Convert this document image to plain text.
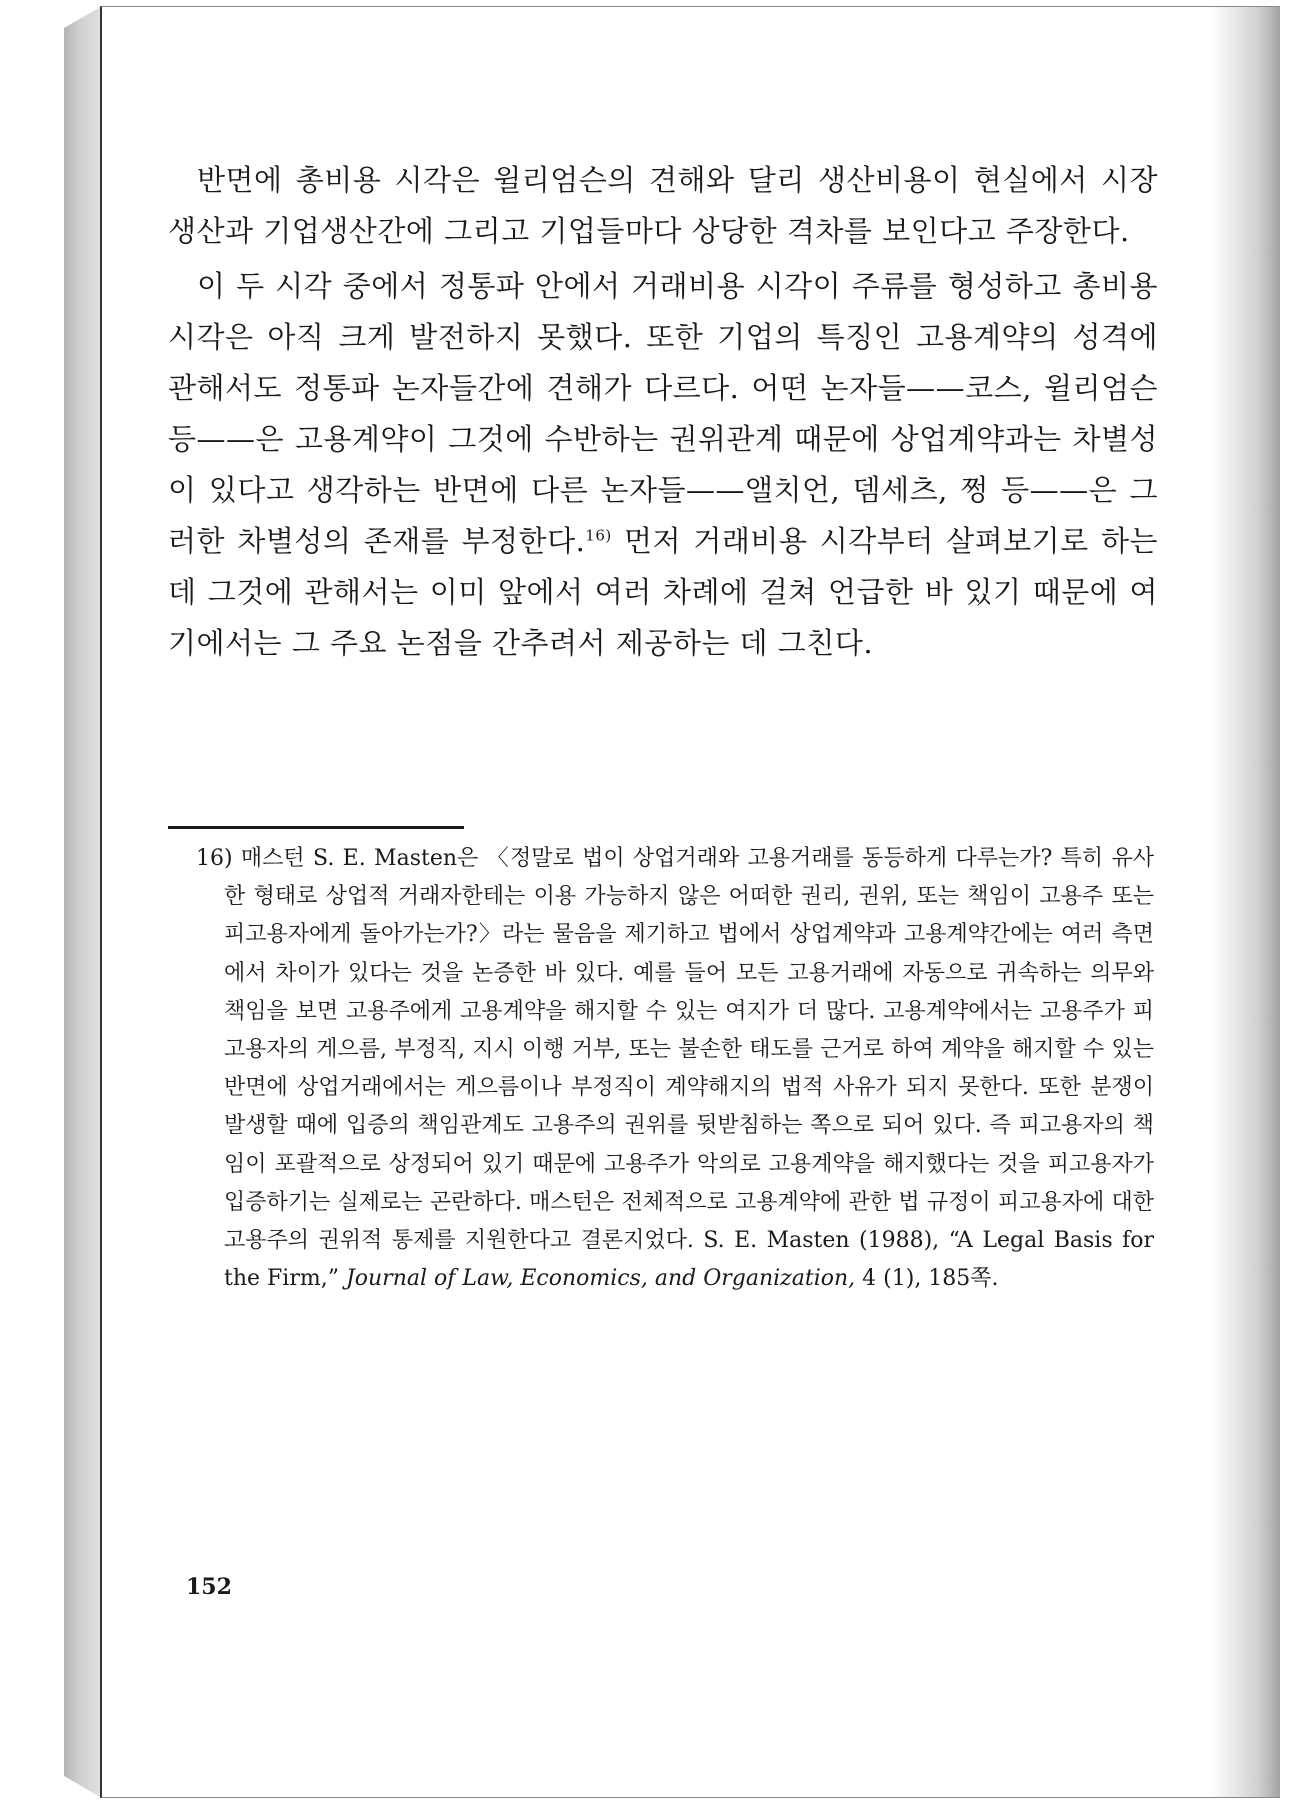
반면에 총비용 시각은 윌리엄슨의 견해와 달리 생산비용이 현실에서 시장생산과 기업생산간에 그리고 기업들마다 상당한 격차를 보인다고 주장한다.

이 두 시각 중에서 정통파 안에서 거래비용 시각이 주류를 형성하고 총비용 시각은 아직 크게 발전하지 못했다. 또한 기업의 특징인 고용계약의 성격에 관해서도 정통파 논자들간에 견해가 다르다. 어떤 논자들——코스, 윌리엄슨 등——은 고용계약이 그것에 수반하는 권위관계 때문에 상업계약과는 차별성이 있다고 생각하는 반면에 다른 논자들——앨치언, 뎀세츠, 쩡 등——은 그러한 차별성의 존재를 부정한다.$^{16)}$ 먼저 거래비용 시각부터 살펴보기로 하는데 그것에 관해서는 이미 앞에서 여러 차례에 걸쳐 언급한 바 있기 때문에 여기에서는 그 주요 논점을 간추려서 제공하는 데 그친다.

16) 매스턴 S. E. Masten은 〈정말로 법이 상업거래와 고용거래를 동등하게 다루는가? 특히 유사한 형태로 상업적 거래자한테는 이용 가능하지 않은 어떠한 권리, 권위, 또는 책임이 고용주 또는 피고용자에게 돌아가는가?〉라는 물음을 제기하고 법에서 상업계약과 고용계약간에는 여러 측면에서 차이가 있다는 것을 논증한 바 있다. 예를 들어 모든 고용거래에 자동으로 귀속하는 의무와 책임을 보면 고용주에게 고용계약을 해지할 수 있는 여지가 더 많다. 고용계약에서는 고용주가 피고용자의 게으름, 부정직, 지시 이행 거부, 또는 불손한 태도를 근거로 하여 계약을 해지할 수 있는 반면에 상업거래에서는 게으름이나 부정직이 계약해지의 법적 사유가 되지 못한다. 또한 분쟁이 발생할 때에 입증의 책임관계도 고용주의 권위를 뒷받침하는 쪽으로 되어 있다. 즉 피고용자의 책임이 포괄적으로 상정되어 있기 때문에 고용주가 악의로 고용계약을 해지했다는 것을 피고용자가 입증하기는 실제로는 곤란하다. 매스턴은 전체적으로 고용계약에 관한 법 규정이 피고용자에 대한 고용주의 권위적 통제를 지원한다고 결론지었다. S. E. Masten (1988), “A Legal Basis for the Firm,” Journal of Law, Economics, and Organization, 4 (1), 185쪽.
152
